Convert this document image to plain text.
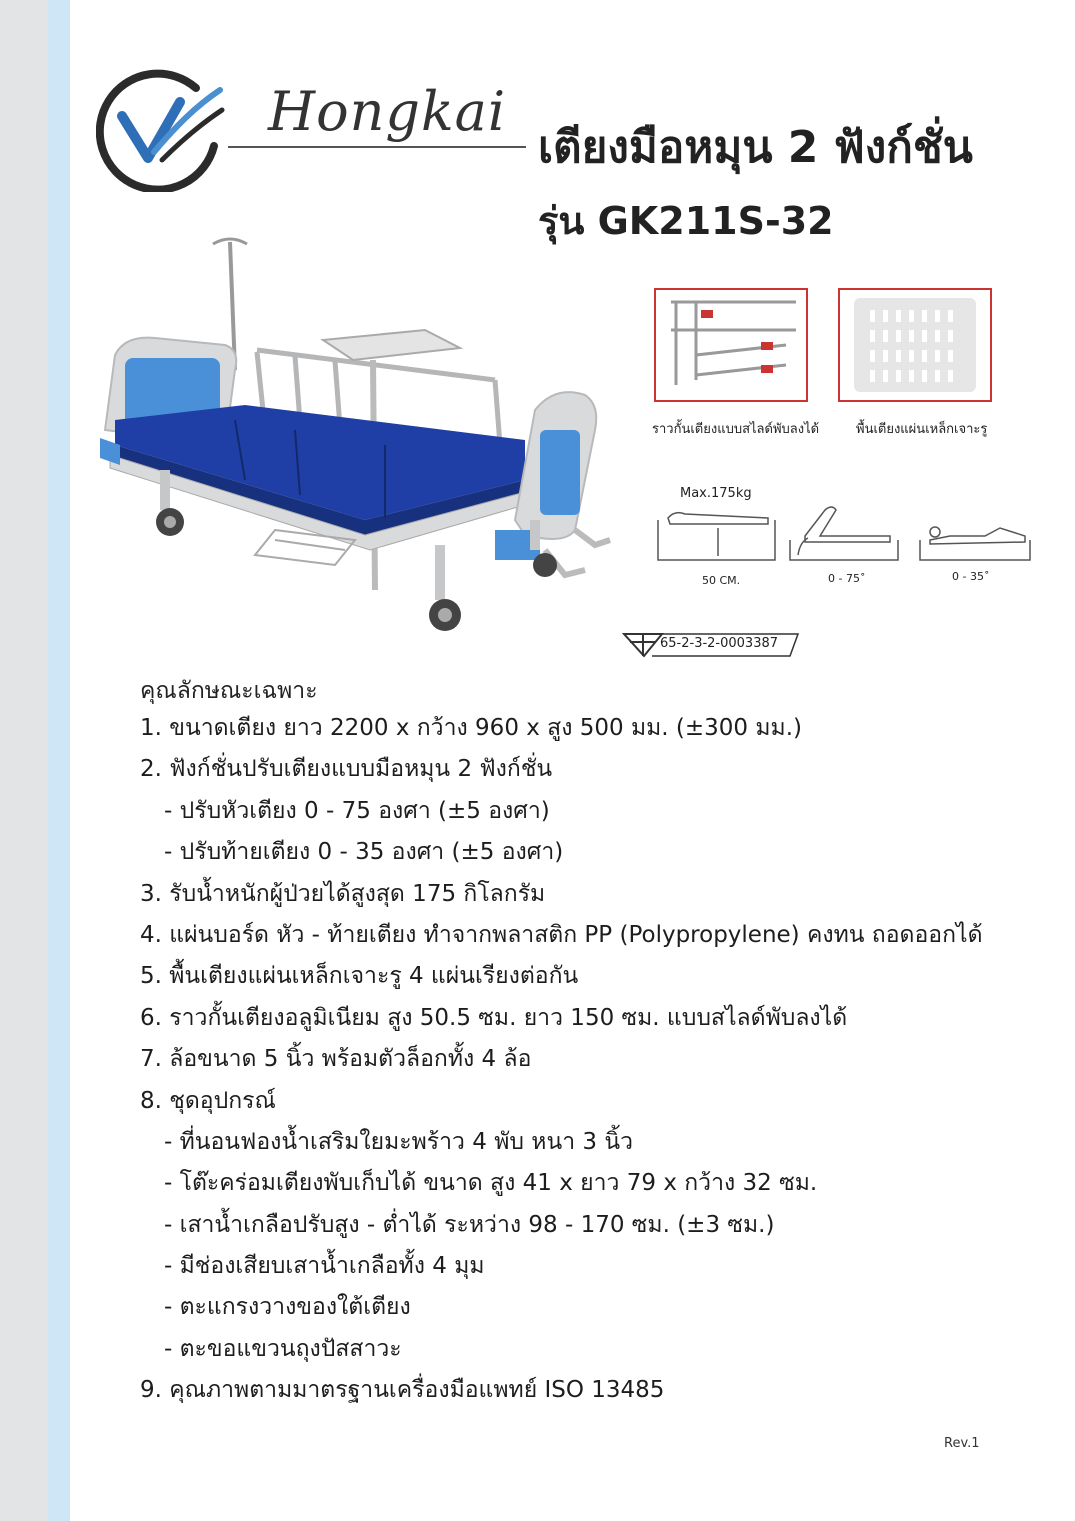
Hongkai
เตียงมือหมุน 2 ฟังก์ชั่น
รุ่น GK211S-32
ราวกั้นเตียงแบบสไลด์พับลงได้	พื้นเตียงแผ่นเหล็กเจาะรู
Max.175kg
50 CM.	0 - 75˚	0 - 35˚
65-2-3-2-0003387
คุณลักษณะเฉพาะ
1. ขนาดเตียง ยาว 2200 x กว้าง 960 x สูง 500 มม. (±300 มม.)
2. ฟังก์ชั่นปรับเตียงแบบมือหมุน 2 ฟังก์ชั่น
- ปรับหัวเตียง 0 - 75 องศา (±5 องศา)
- ปรับท้ายเตียง 0 - 35 องศา (±5 องศา)
3. รับน้ำหนักผู้ป่วยได้สูงสุด 175 กิโลกรัม
4. แผ่นบอร์ด หัว - ท้ายเตียง ทำจากพลาสติก PP (Polypropylene) คงทน ถอดออกได้
5. พื้นเตียงแผ่นเหล็กเจาะรู 4 แผ่นเรียงต่อกัน
6. ราวกั้นเตียงอลูมิเนียม สูง 50.5 ซม. ยาว 150 ซม. แบบสไลด์พับลงได้
7. ล้อขนาด 5 นิ้ว พร้อมตัวล็อกทั้ง 4 ล้อ
8. ชุดอุปกรณ์
- ที่นอนฟองน้ำเสริมใยมะพร้าว 4 พับ หนา 3 นิ้ว
- โต๊ะคร่อมเตียงพับเก็บได้ ขนาด สูง 41 x ยาว 79 x กว้าง 32 ซม.
- เสาน้ำเกลือปรับสูง - ต่ำได้ ระหว่าง 98 - 170 ซม. (±3 ซม.)
- มีช่องเสียบเสาน้ำเกลือทั้ง 4 มุม
- ตะแกรงวางของใต้เตียง
- ตะขอแขวนถุงปัสสาวะ
9. คุณภาพตามมาตรฐานเครื่องมือแพทย์ ISO 13485
Rev.1
